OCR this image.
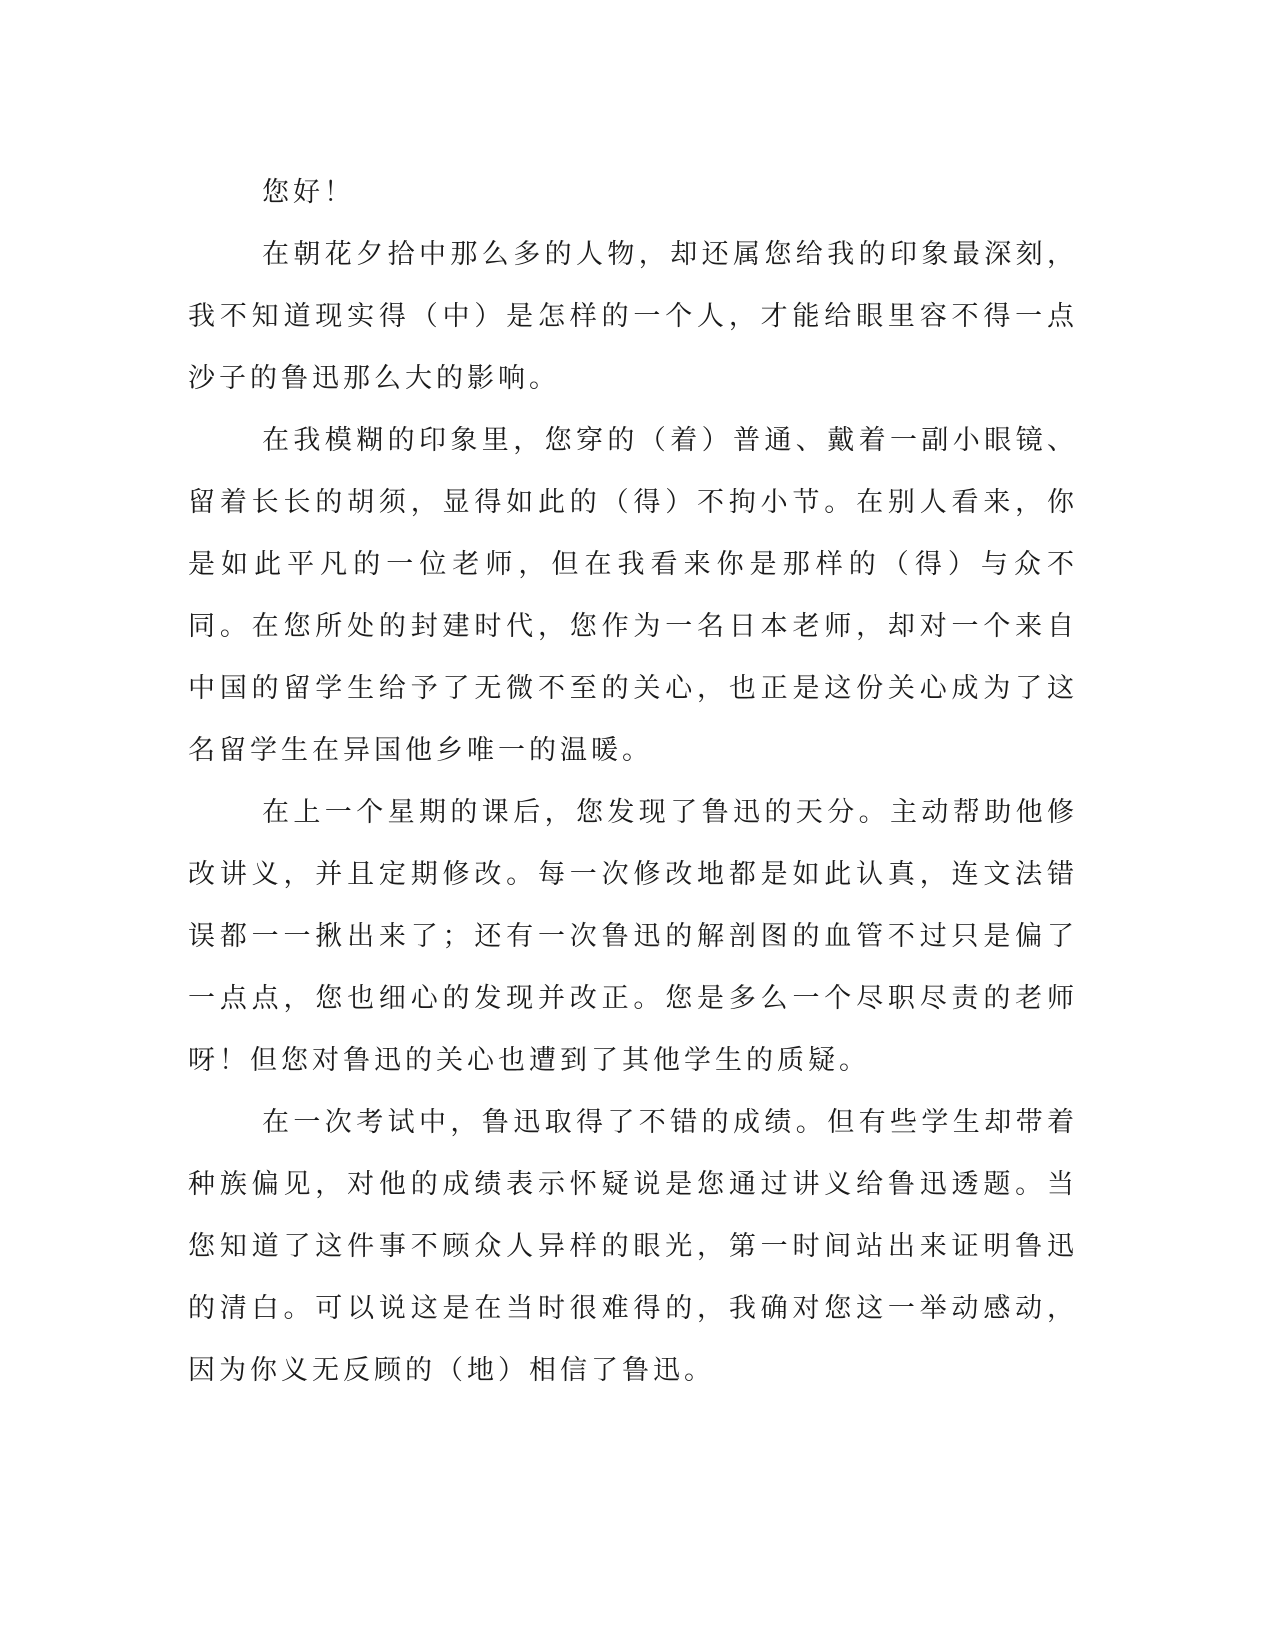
您好！

在朝花夕拾中那么多的人物，却还属您给我的印象最深刻，我不知道现实得（中）是怎样的一个人，才能给眼里容不得一点沙子的鲁迅那么大的影响。

在我模糊的印象里，您穿的（着）普通、戴着一副小眼镜、留着长长的胡须，显得如此的（得）不拘小节。在别人看来，你是如此平凡的一位老师，但在我看来你是那样的（得）与众不同。在您所处的封建时代，您作为一名日本老师，却对一个来自中国的留学生给予了无微不至的关心，也正是这份关心成为了这名留学生在异国他乡唯一的温暖。

在上一个星期的课后，您发现了鲁迅的天分。主动帮助他修改讲义，并且定期修改。每一次修改地都是如此认真，连文法错误都一一揪出来了；还有一次鲁迅的解剖图的血管不过只是偏了一点点，您也细心的发现并改正。您是多么一个尽职尽责的老师呀！但您对鲁迅的关心也遭到了其他学生的质疑。

在一次考试中，鲁迅取得了不错的成绩。但有些学生却带着种族偏见，对他的成绩表示怀疑说是您通过讲义给鲁迅透题。当您知道了这件事不顾众人异样的眼光，第一时间站出来证明鲁迅的清白。可以说这是在当时很难得的，我确对您这一举动感动，因为你义无反顾的（地）相信了鲁迅。
